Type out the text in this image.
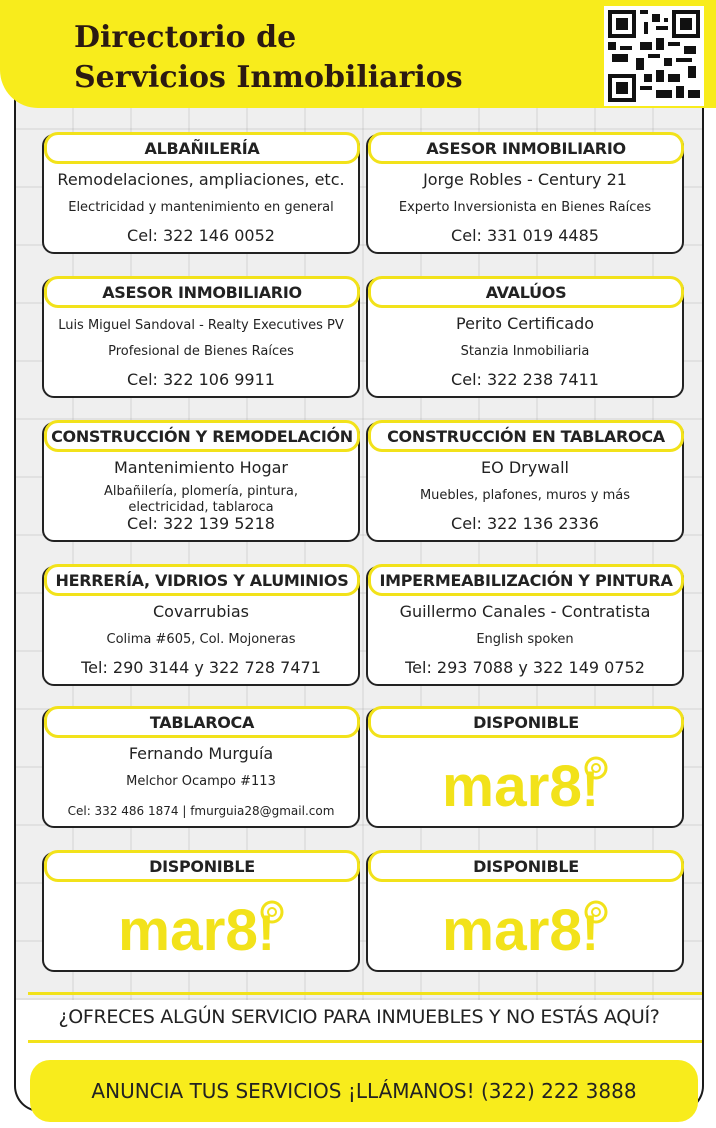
Directorio de
Servicios Inmobiliarios
ALBAÑILERÍA
Remodelaciones, ampliaciones, etc.
Electricidad y mantenimiento en general
Cel: 322 146 0052
ASESOR INMOBILIARIO
Jorge Robles - Century 21
Experto Inversionista en Bienes Raíces
Cel: 331 019 4485
ASESOR INMOBILIARIO
Luis Miguel Sandoval - Realty Executives PV
Profesional de Bienes Raíces
Cel: 322 106 9911
AVALÚOS
Perito Certificado
Stanzia Inmobiliaria
Cel: 322 238 7411
CONSTRUCCIÓN Y REMODELACIÓN
Mantenimiento Hogar
Albañilería, plomería, pintura, electricidad, tablaroca
Cel: 322 139 5218
CONSTRUCCIÓN EN TABLAROCA
EO Drywall
Muebles, plafones, muros y más
Cel: 322 136 2336
HERRERÍA, VIDRIOS Y ALUMINIOS
Covarrubias
Colima #605, Col. Mojoneras
Tel: 290 3144 y 322 728 7471
IMPERMEABILIZACIÓN Y PINTURA
Guillermo Canales - Contratista
English spoken
Tel: 293 7088 y 322 149 0752
TABLAROCA
Fernando Murguía
Melchor Ocampo #113
Cel: 332 486 1874 | fmurguia28@gmail.com
DISPONIBLE
mar8 !
DISPONIBLE
mar8 !
DISPONIBLE
mar8 !
¿OFRECES ALGÚN SERVICIO PARA INMUEBLES Y NO ESTÁS AQUÍ?
ANUNCIA TUS SERVICIOS ¡LLÁMANOS! (322) 222 3888
